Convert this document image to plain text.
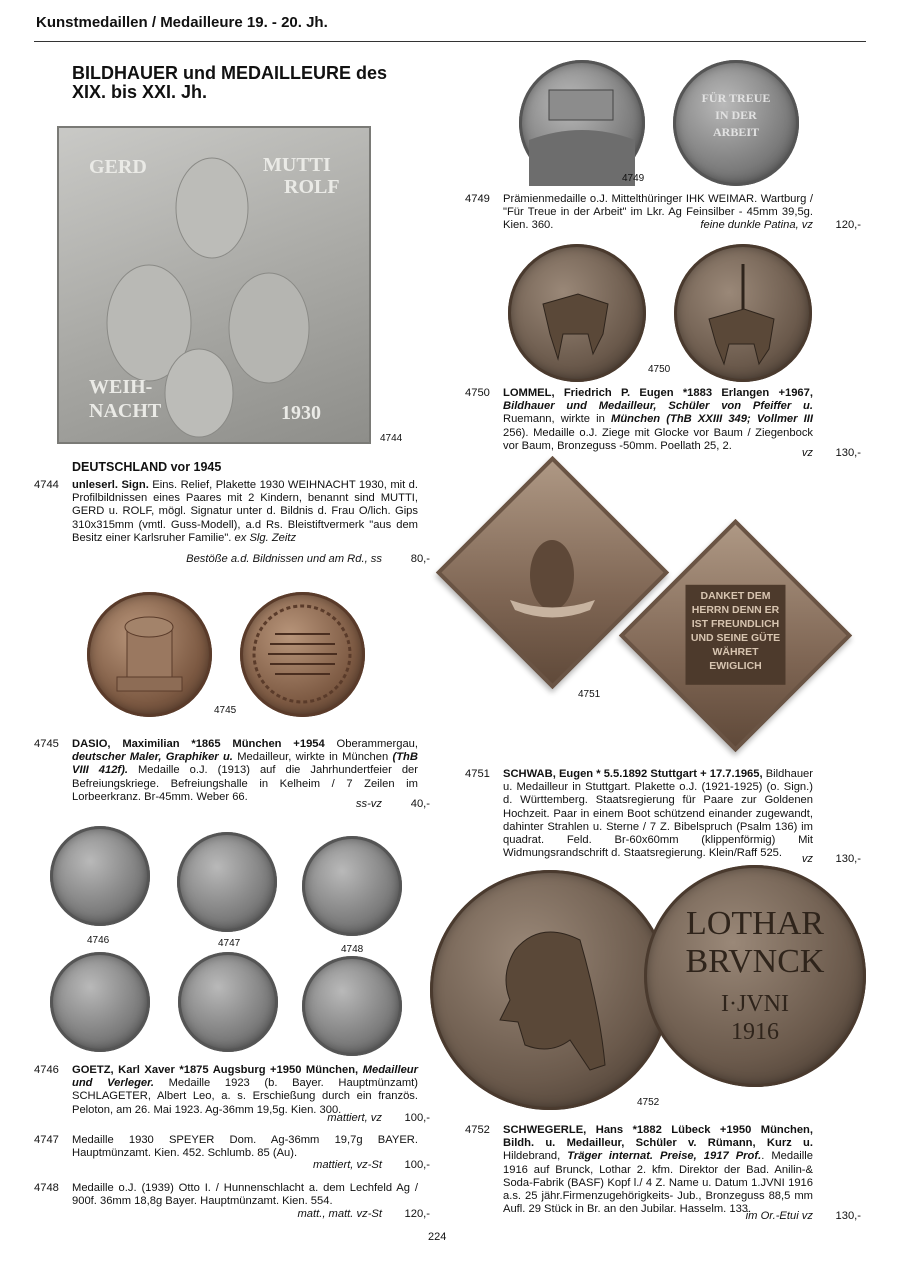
Kunstmedaillen / Medailleure 19. - 20. Jh.
BILDHAUER und MEDAILLEURE des XIX. bis XXI. Jh.
GERD	MUTTI
ROLF
WEIH-
NACHT	1930
4744
DEUTSCHLAND vor 1945
4744 unleserl. Sign. Eins. Relief, Plakette 1930 WEIHNACHT 1930, mit d. Profilbildnissen eines Paares mit 2 Kindern, benannt sind MUTTI, GERD u. ROLF, mögl. Signatur unter d. Bildnis d. Frau O/lich. Gips 310x315mm (vmtl. Guss-Modell), a.d Rs. Bleistiftvermerk "aus dem Besitz einer Karlsruher Familie". ex Slg. Zeitz
Bestöße a.d. Bildnissen und am Rd., ss	80,-
4745
4745 DASIO, Maximilian *1865 München +1954 Oberammergau, deutscher Maler, Graphiker u. Medailleur, wirkte in München (ThB VIII 412f). Medaille o.J. (1913) auf die Jahrhundertfeier der Befreiungskriege. Befreiungshalle in Kelheim / 7 Zeilen im Lorbeerkranz. Br-45mm. Weber 66.
ss-vz	40,-
4746	4747
4748
4746 GOETZ, Karl Xaver *1875 Augsburg +1950 München, Medailleur und Verleger. Medaille 1923 (b. Bayer. Hauptmünzamt) SCHLAGETER, Albert Leo, a. s. Erschießung durch ein französ. Peloton, am 26. Mai 1923. Ag-36mm 19,5g. Kien. 300.
mattiert, vz 100,-
4747 Medaille 1930 SPEYER Dom. Ag-36mm 19,7g BAYER. Hauptmünzamt. Kien. 452. Schlumb. 85 (Au).
mattiert, vz-St 100,-
4748 Medaille o.J. (1939) Otto I. / Hunnenschlacht a. dem Lechfeld Ag / 900f. 36mm 18,8g Bayer. Hauptmünzamt. Kien. 554.
matt., matt. vz-St 120,-
FÜR TREUE IN DER ARBEIT
4749
4749 Prämienmedaille o.J. Mittelthüringer IHK WEIMAR. Wartburg / "Für Treue in der Arbeit" im Lkr. Ag Feinsilber - 45mm 39,5g. Kien. 360.	feine dunkle Patina, vz 120,-
4750
4750 LOMMEL, Friedrich P. Eugen *1883 Erlangen +1967, Bildhauer und Medailleur, Schüler von Pfeiffer u. Ruemann, wirkte in München (ThB XXIII 349; Vollmer III 256). Medaille o.J. Ziege mit Glocke vor Baum / Ziegenbock vor Baum, Bronzeguss -50mm. Poellath 25, 2.
vz 130,-
DANKET DEM HERRN DENN ER IST FREUNDLICH UND SEINE GÜTE WÄHRET EWIGLICH
4751
4751 SCHWAB, Eugen * 5.5.1892 Stuttgart + 17.7.1965, Bildhauer u. Medailleur in Stuttgart. Plakette o.J. (1921-1925) (o. Sign.) d. Württemberg. Staatsregierung für Paare zur Goldenen Hochzeit. Paar in einem Boot schützend einander zugewandt, dahinter Strahlen u. Sterne / 7 Z. Bibelspruch (Psalm 136) im quadrat. Feld. Br-60x60mm (klippenförmig) Mit Widmungsrandschrift d. Staatsregierung. Klein/Raff 525.	vz 130,-
LOTHAR
BRVNCK
I·JVNI
1916
4752
4752 SCHWEGERLE, Hans *1882 Lübeck +1950 München, Bildh. u. Medailleur, Schüler v. Rümann, Kurz u. Hildebrand, Träger internat. Preise, 1917 Prof.. Medaille 1916 auf Brunck, Lothar 2. kfm. Direktor der Bad. Anilin-& Soda-Fabrik (BASF) Kopf l./ 4 Z. Name u. Datum 1.JVNI 1916 a.s. 25 jähr.Firmenzugehörigkeits- Jub., Bronzeguss 88,5 mm Aufl. 29 Stück in Br. an den Jubilar. Hasselm. 133.
im Or.-Etui vz 130,-
224
